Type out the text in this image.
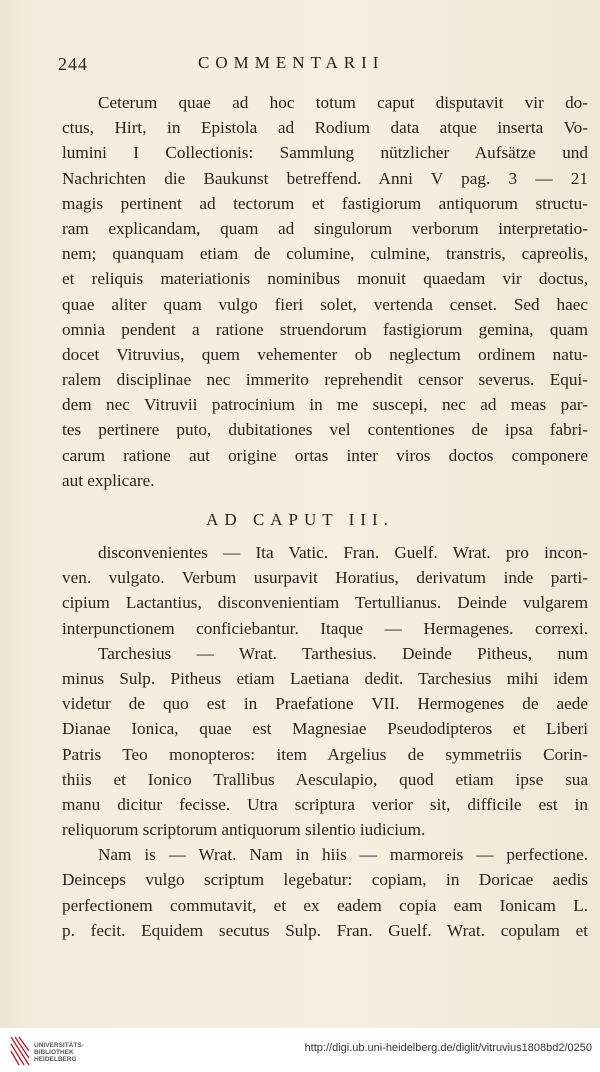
244	COMMENTARII
Ceterum quae ad hoc totum caput disputavit vir do-
ctus, Hirt, in Epistola ad Rodium data atque inserta Vo-
lumini I Collectionis: Sammlung nützlicher Aufsätze und
Nachrichten die Baukunst betreffend. Anni V pag. 3 — 21
magis pertinent ad tectorum et fastigiorum antiquorum structu-
ram explicandam, quam ad singulorum verborum interpretatio-
nem; quanquam etiam de columine, culmine, transtris, capreolis,
et reliquis materiationis nominibus monuit quaedam vir doctus,
quae aliter quam vulgo fieri solet, vertenda censet. Sed haec
omnia pendent a ratione struendorum fastigiorum gemina, quam
docet Vitruvius, quem vehementer ob neglectum ordinem natu-
ralem disciplinae nec immerito reprehendit censor severus. Equi-
dem nec Vitruvii patrocinium in me suscepi, nec ad meas par-
tes pertinere puto, dubitationes vel contentiones de ipsa fabri-
carum ratione aut origine ortas inter viros doctos componere
aut explicare.
AD CAPUT III.
disconvenientes — Ita Vatic. Fran. Guelf. Wrat. pro incon-
ven. vulgato. Verbum usurpavit Horatius, derivatum inde parti-
cipium Lactantius, disconvenientiam Tertullianus. Deinde vulgarem
interpunctionem conficiebantur. Itaque — Hermagenes. correxi.
Tarchesius — Wrat. Tarthesius. Deinde Pitheus, num
minus Sulp. Pitheus etiam Laetiana dedit. Tarchesius mihi idem
videtur de quo est in Praefatione VII. Hermogenes de aede
Dianae Ionica, quae est Magnesiae Pseudodipteros et Liberi
Patris Teo monopteros: item Argelius de symmetriis Corin-
thiis et Ionico Trallibus Aesculapio, quod etiam ipse sua
manu dicitur fecisse. Utra scriptura verior sit, difficile est in
reliquorum scriptorum antiquorum silentio iudicium.
Nam is — Wrat. Nam in hiis — marmoreis — perfectione.
Deinceps vulgo scriptum legebatur: copiam, in Doricae aedis
perfectionem commutavit, et ex eadem copia eam Ionicam L.
p. fecit. Equidem secutus Sulp. Fran. Guelf. Wrat. copulam et
UNIVERSITÄTS-
BIBLIOTHEK
HEIDELBERG
http://digi.ub.uni-heidelberg.de/diglit/vitruvius1808bd2/0250
